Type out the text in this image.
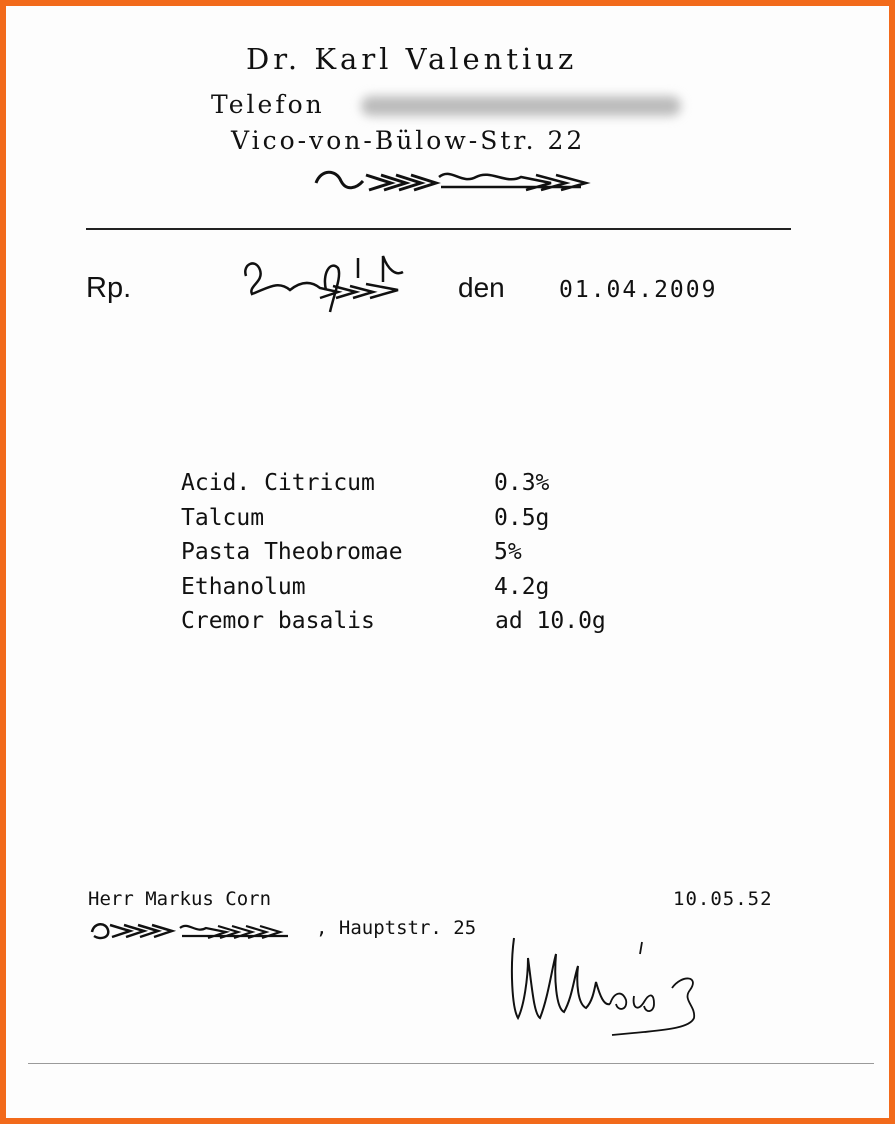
Dr. Karl Valentiuz
Telefon
Vico-von-Bülow-Str. 22
Rp.	den 01.04.2009
Acid. Citricum	0.3%
Talcum	0.5g
Pasta Theobromae	5%
Ethanolum	4.2g
Cremor basalis	ad 10.0g
Herr Markus Corn	10.05.52
, Hauptstr. 25
